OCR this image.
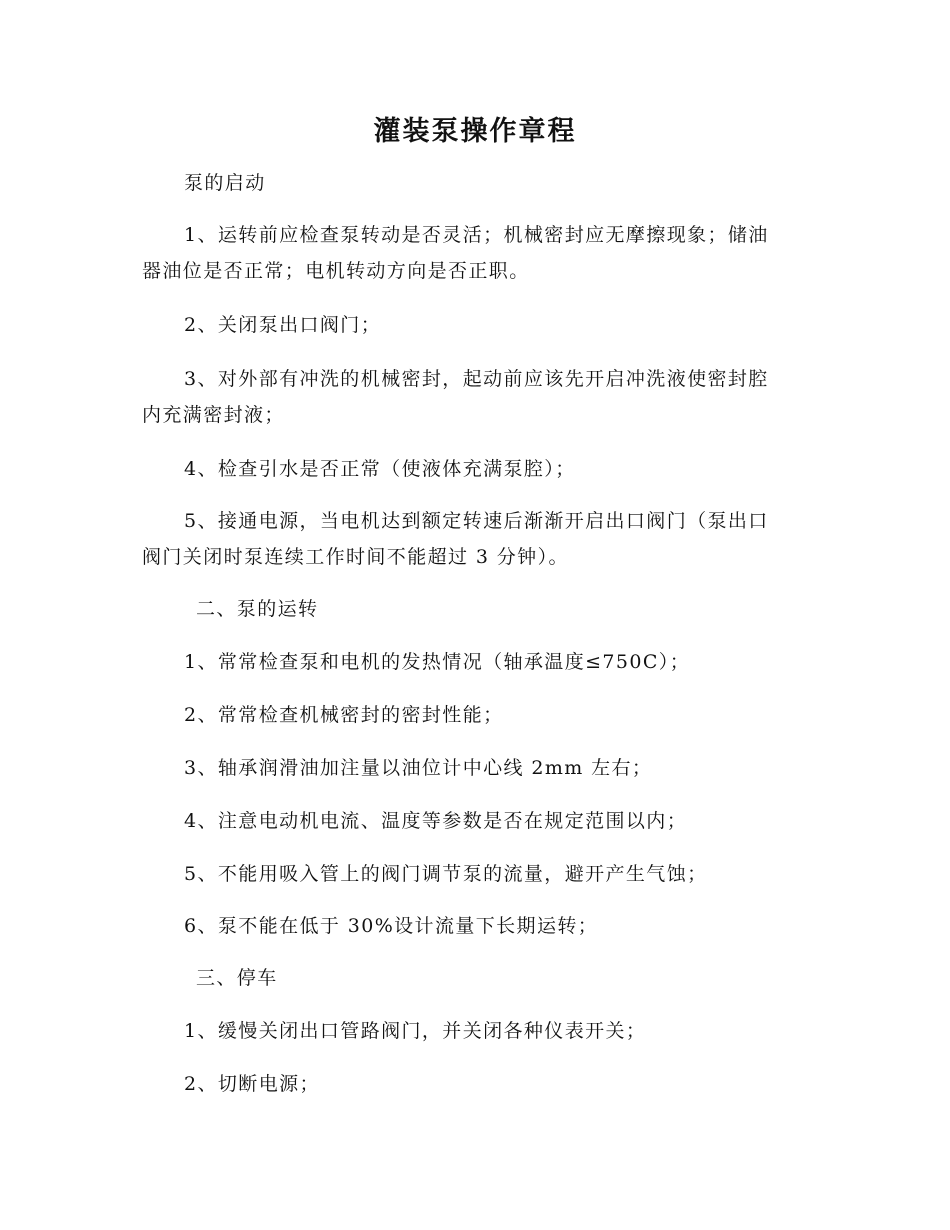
灌装泵操作章程
泵的启动
1、运转前应检查泵转动是否灵活；机械密封应无摩擦现象；储油
器油位是否正常；电机转动方向是否正职。
2、关闭泵出口阀门；
3、对外部有冲洗的机械密封，起动前应该先开启冲洗液使密封腔
内充满密封液；
4、检查引水是否正常（使液体充满泵腔）；
5、接通电源，当电机达到额定转速后渐渐开启出口阀门（泵出口
阀门关闭时泵连续工作时间不能超过 3 分钟）。
二、泵的运转
1、常常检查泵和电机的发热情况（轴承温度≤750C）；
2、常常检查机械密封的密封性能；
3、轴承润滑油加注量以油位计中心线 2mm 左右；
4、注意电动机电流、温度等参数是否在规定范围以内；
5、不能用吸入管上的阀门调节泵的流量，避开产生气蚀；
6、泵不能在低于 30%设计流量下长期运转；
三、停车
1、缓慢关闭出口管路阀门，并关闭各种仪表开关；
2、切断电源；
